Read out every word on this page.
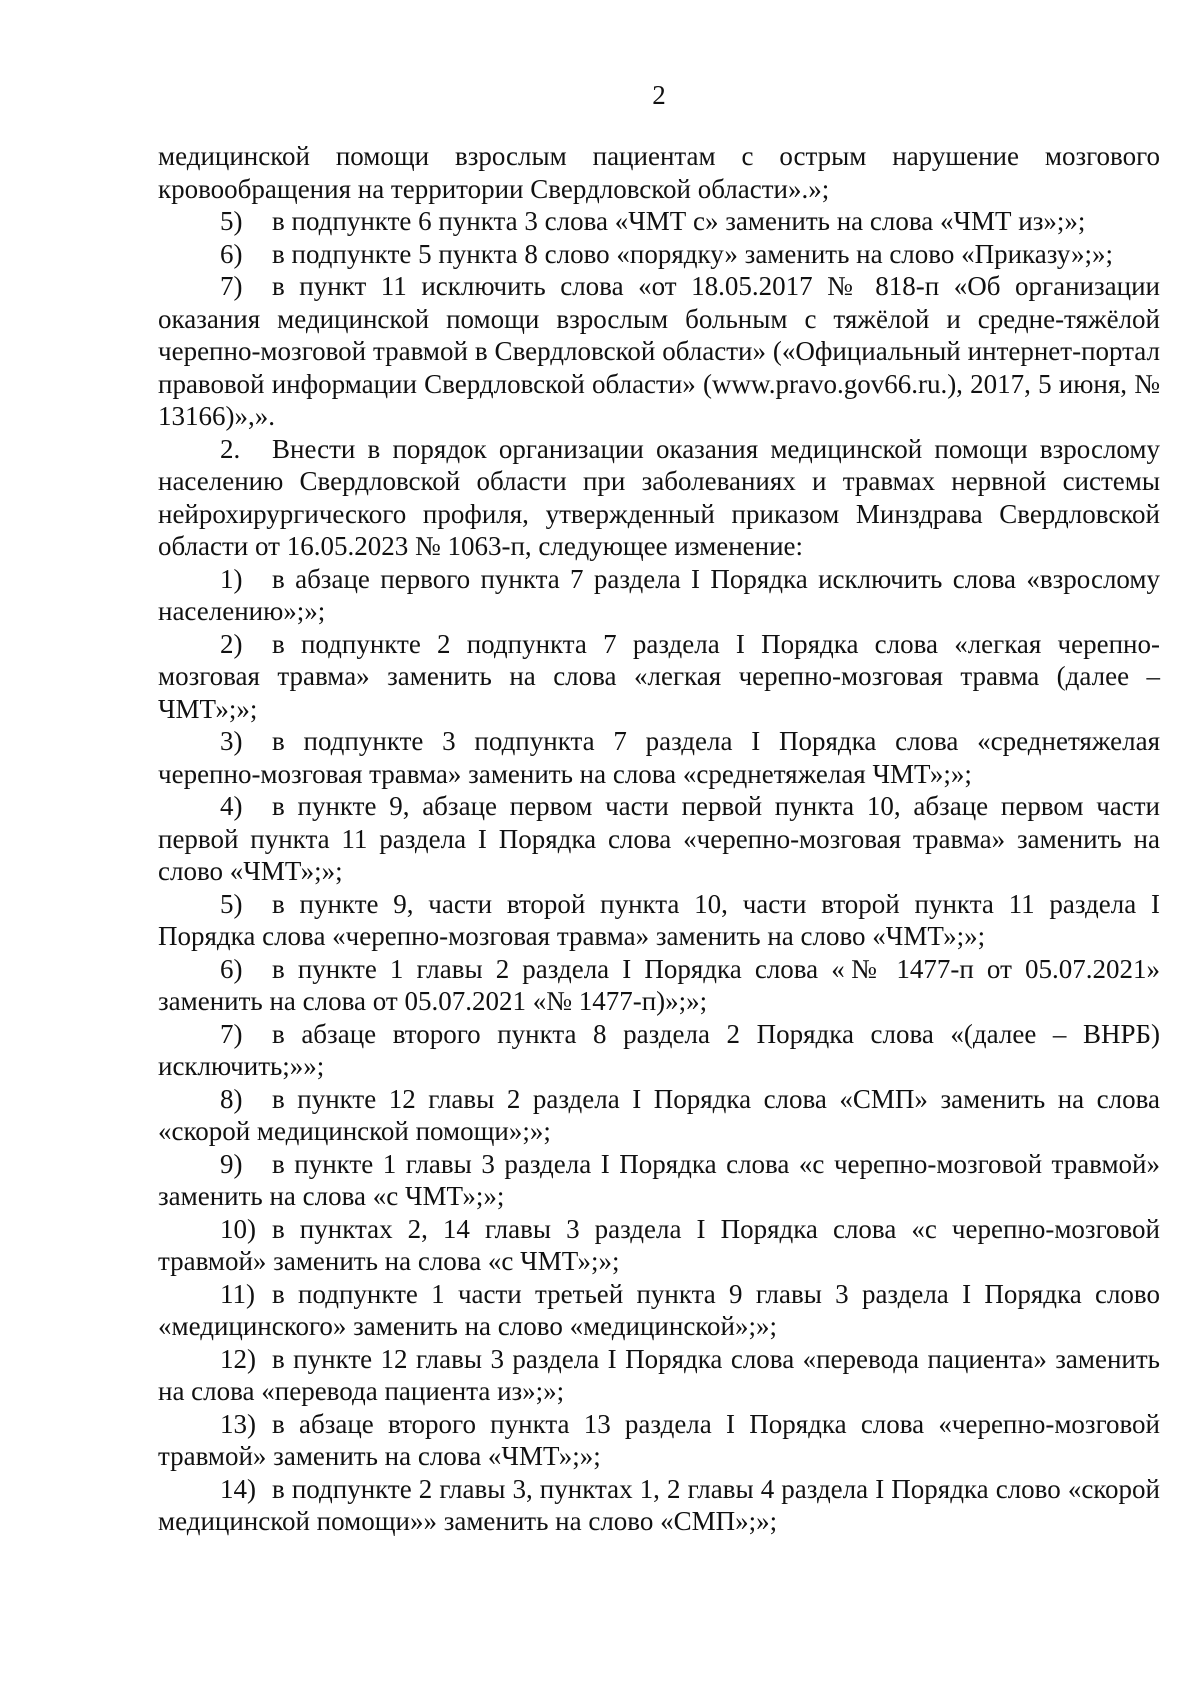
2

медицинской помощи взрослым пациентам с острым нарушение мозгового кровообращения на территории Свердловской области».»;

5) в подпункте 6 пункта 3 слова «ЧМТ с» заменить на слова «ЧМТ из»;»;

6) в подпункте 5 пункта 8 слово «порядку» заменить на слово «Приказу»;»;

7) в пункт 11 исключить слова «от 18.05.2017 № 818-п «Об организации оказания медицинской помощи взрослым больным с тяжёлой и средне-тяжёлой черепно-мозговой травмой в Свердловской области» («Официальный интернет-портал правовой информации Свердловской области» (www.pravo.gov66.ru.), 2017, 5 июня, № 13166)»,».

2. Внести в порядок организации оказания медицинской помощи взрослому населению Свердловской области при заболеваниях и травмах нервной системы нейрохирургического профиля, утвержденный приказом Минздрава Свердловской области от 16.05.2023 № 1063-п, следующее изменение:

1) в абзаце первого пункта 7 раздела I Порядка исключить слова «взрослому населению»;»;

2) в подпункте 2 подпункта 7 раздела I Порядка слова «легкая черепно-мозговая травма» заменить на слова «легкая черепно-мозговая травма (далее – ЧМТ»;»;

3) в подпункте 3 подпункта 7 раздела I Порядка слова «среднетяжелая черепно-мозговая травма» заменить на слова «среднетяжелая ЧМТ»;»;

4) в пункте 9, абзаце первом части первой пункта 10, абзаце первом части первой пункта 11 раздела I Порядка слова «черепно-мозговая травма» заменить на слово «ЧМТ»;»;

5) в пункте 9, части второй пункта 10, части второй пункта 11 раздела I Порядка слова «черепно-мозговая травма» заменить на слово «ЧМТ»;»;

6) в пункте 1 главы 2 раздела I Порядка слова «№ 1477-п от 05.07.2021» заменить на слова от 05.07.2021 «№ 1477-п)»;»;

7) в абзаце второго пункта 8 раздела 2 Порядка слова «(далее – ВНРБ) исключить;»»;

8) в пункте 12 главы 2 раздела I Порядка слова «СМП» заменить на слова «скорой медицинской помощи»;»;

9) в пункте 1 главы 3 раздела I Порядка слова «с черепно-мозговой травмой» заменить на слова «с ЧМТ»;»;

10) в пунктах 2, 14 главы 3 раздела I Порядка слова «с черепно-мозговой травмой» заменить на слова «с ЧМТ»;»;

11) в подпункте 1 части третьей пункта 9 главы 3 раздела I Порядка слово «медицинского» заменить на слово «медицинской»;»;

12) в пункте 12 главы 3 раздела I Порядка слова «перевода пациента» заменить на слова «перевода пациента из»;»;

13) в абзаце второго пункта 13 раздела I Порядка слова «черепно-мозговой травмой» заменить на слова «ЧМТ»;»;

14) в подпункте 2 главы 3, пунктах 1, 2 главы 4 раздела I Порядка слово «скорой медицинской помощи»» заменить на слово «СМП»;»;
